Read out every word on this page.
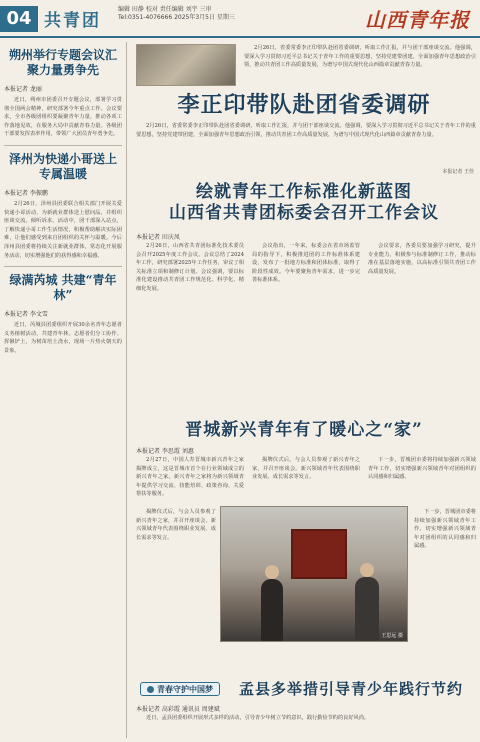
04 共青团
编辑 田静 校对 责任编辑 刘宇 三审
Tel:0351-4076666 2025年3月5日 星期三	山西青年报
朔州举行专题会议汇聚力量勇争先
本报记者 龙丽
近日，朔州市团委召开专题会议，部署学习贯彻全国两会精神，研究部署今年重点工作。会议要求，全市各级团组织要凝聚青年力量，推动各项工作落地见效，在服务大局中贡献青春力量。各级团干部要发挥表率作用，带领广大团员青年勇争先。
泽州为快递小哥送上专属温暖
本报记者 李振鹏
2月26日，泽州县团委联合相关部门开展关爱快递小哥活动，为新就业群体送上慰问品，并组织座谈交流，倾听诉求。活动中，团干部深入站点，了解快递小哥工作生活情况，积极帮助解决实际困难，让他们感受到来自团组织的关怀与温暖。今后泽州县团委将持续关注新就业群体，常态化开展服务活动，切实增强他们的获得感和幸福感。
绿满芮城 共建“青年林”
本报记者 李文雪
近日，芮城县团委组织开展30余名青年志愿者义务植树活动，共建青年林。志愿者们分工协作、挥锹铲土，为树苗培土浇水，现场一片热火朝天的景象。
2月26日，省委常委李正印带队赴团省委调研，听取工作汇报，并与团干部座谈交流。他强调，要深入学习贯彻习近平总书记关于青年工作的重要思想，坚持党建带团建，全面加强青年思想政治引领，推动共青团工作高质量发展，为谱写中国式现代化山西篇章贡献青春力量。
李正印带队赴团省委调研
2月26日，省委常委李正印带队赴团省委调研，听取工作汇报，并与团干部座谈交流。他强调，要深入学习贯彻习近平总书记关于青年工作的重要思想，坚持党建带团建，全面加强青年思想政治引领，推动共青团工作高质量发展，为谱写中国式现代化山西篇章贡献青春力量。
本报记者 王佳
绘就青年工作标准化新蓝图
山西省共青团标委会召开工作会议
本报记者 田庆凤
2月26日，山西省共青团标准化技术委员会召开2025年度工作会议。会议总结了2024年工作，研究部署2025年工作任务，审议了相关标准立项和制修订计划。会议强调，要以标准化建设推动共青团工作规范化、科学化、精细化发展。
会议指出，一年来，标委会在省市场监管局的指导下，积极推进团的工作标准体系建设，发布了一批地方标准和团体标准，取得了阶段性成效。今年要聚焦青年需求，进一步完善标准体系。
会议要求，各委员要加强学习研究，提升专业能力，积极参与标准制修订工作，推动标准在基层落地实施，以高标准引领共青团工作高质量发展。
晋城新兴青年有了暖心之“家”
本报记者 李思霞 刘惠
2月27日，中国人寿晋城市新兴青年之家揭牌成立，这是晋城市首个在行业领域成立的新兴青年之家。新兴青年之家将为新兴领域青年提供学习交流、技能培训、政策咨询、关爱帮扶等服务。
揭牌仪式后，与会人员参观了新兴青年之家，并召开座谈会。新兴领域青年代表围绕职业发展、成长需求等发言。
下一步，晋城团市委将持续加强新兴领域青年工作，切实增强新兴领域青年对团组织的认同感和归属感。
揭牌仪式后，与会人员参观了新兴青年之家，并召开座谈会。新兴领域青年代表围绕职业发展、成长需求等发言。
王思远 摄
下一步，晋城团市委将持续加强新兴领域青年工作，切实增强新兴领域青年对团组织的认同感和归属感。
青春守护中国梦	孟县多举措引导青少年践行节约
本报记者 高彩霞 通讯员 周建斌
近日，孟县团委组织开展形式多样的活动，引导青少年树立节约意识，践行勤俭节约的良好风尚。
